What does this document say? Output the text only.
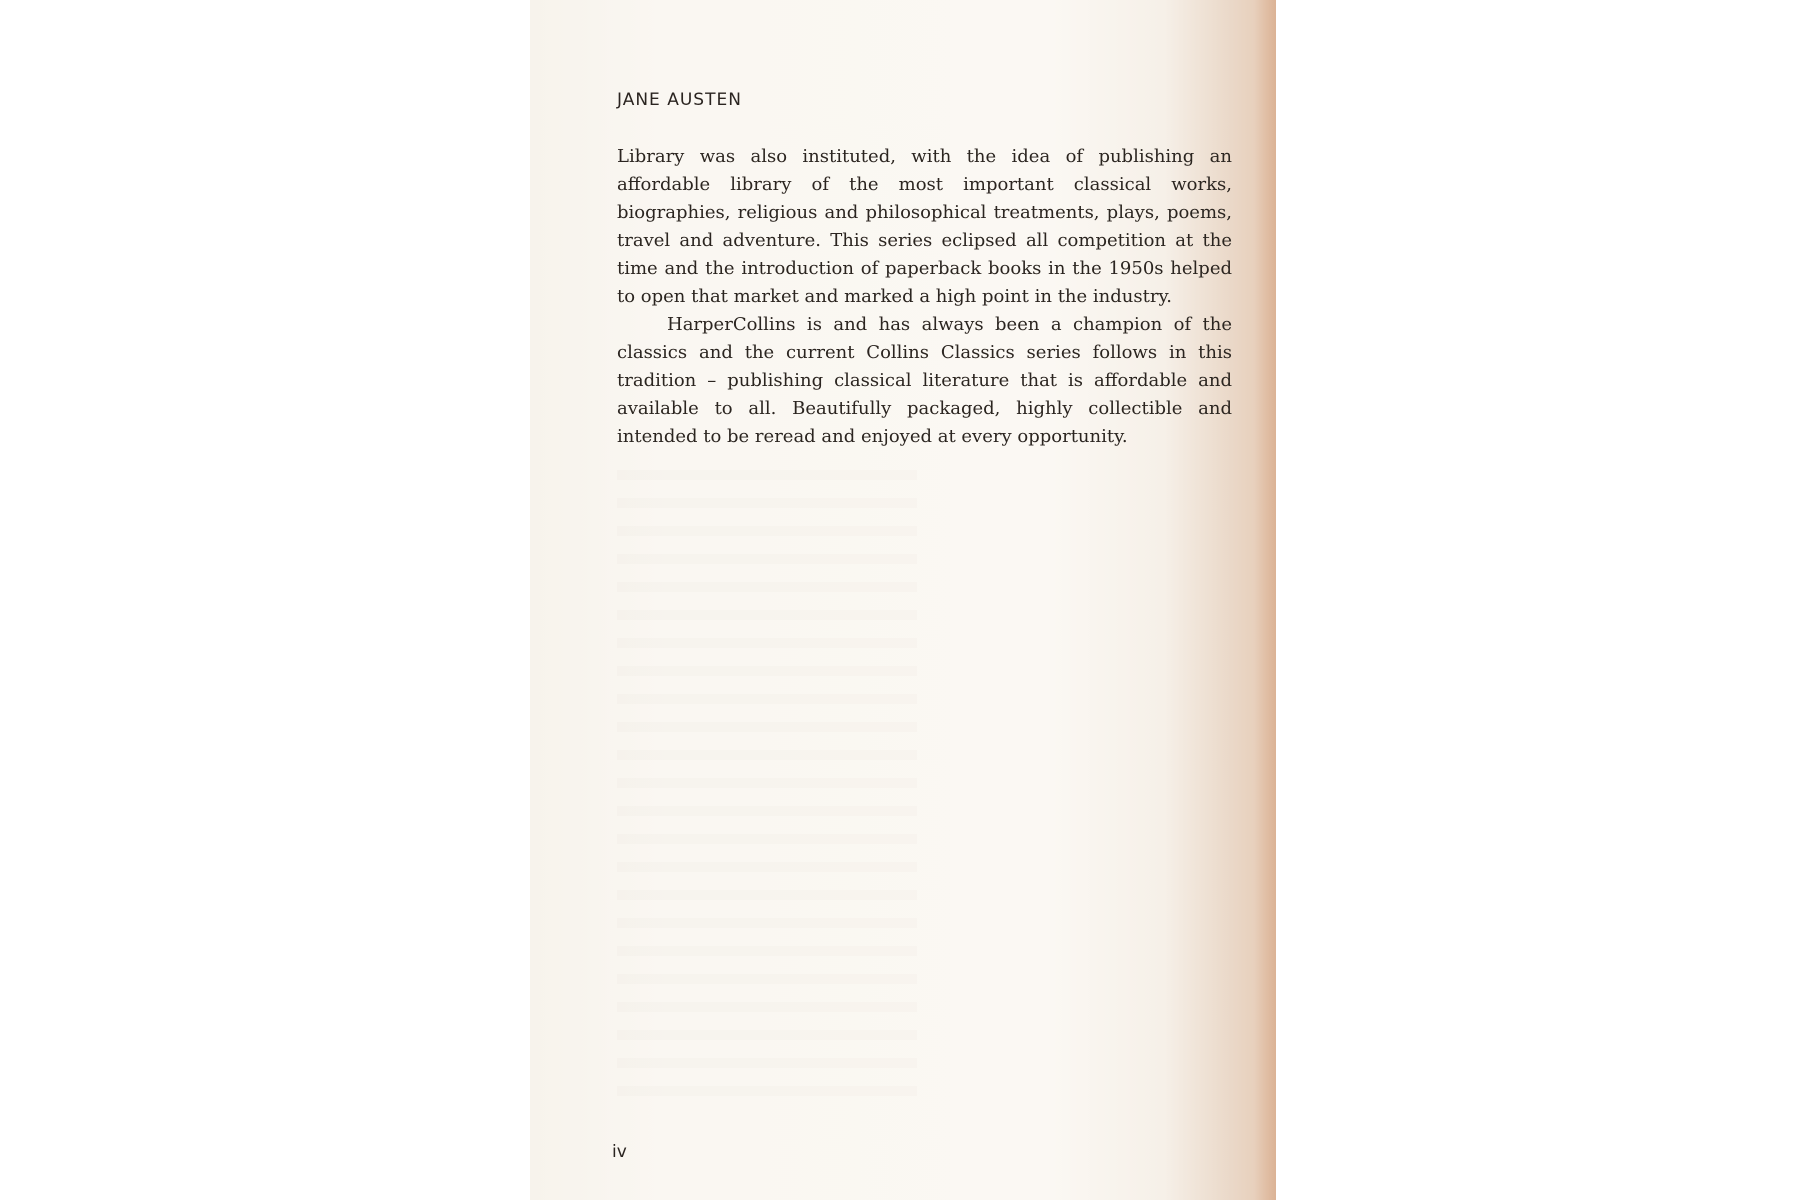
JANE AUSTEN

Library was also instituted, with the idea of publishing an affordable library of the most important classical works, biographies, religious and philosophical treatments, plays, poems, travel and adventure. This series eclipsed all competition at the time and the introduction of paperback books in the 1950s helped to open that market and marked a high point in the industry.

HarperCollins is and has always been a champion of the classics and the current Collins Classics series follows in this tradition – publishing classical literature that is affordable and available to all. Beautifully packaged, highly collectible and intended to be reread and enjoyed at every opportunity.

iv
